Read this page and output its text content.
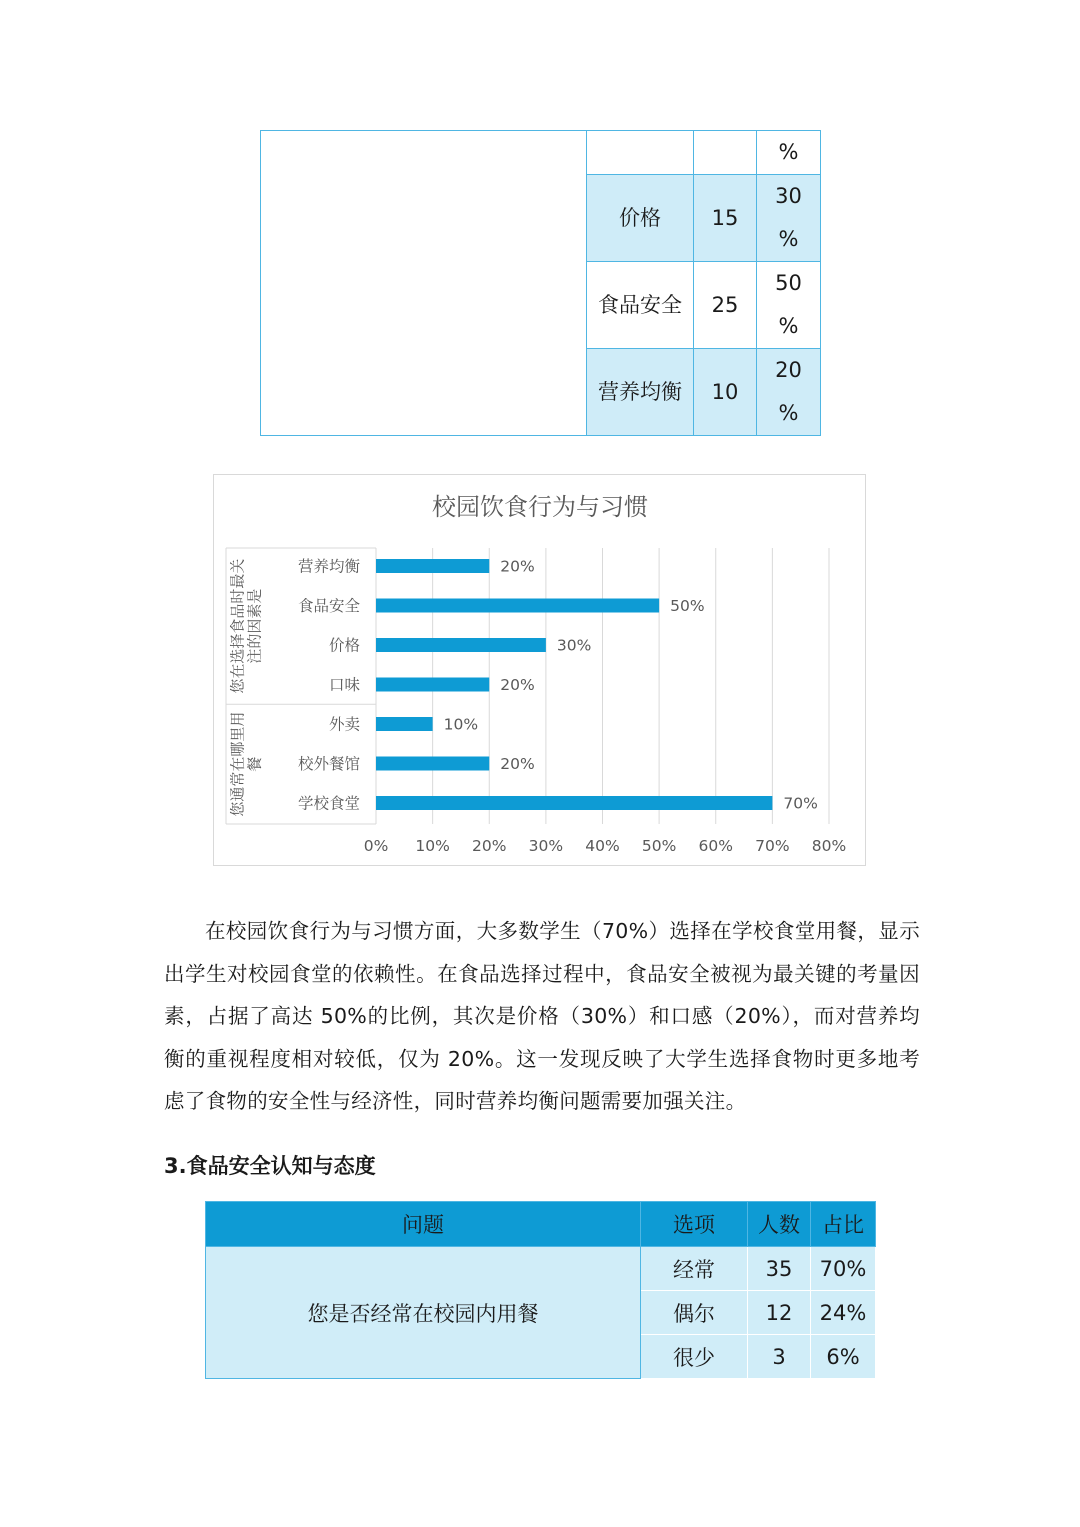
			%
	价格	15	30
%

	食品安全	25	50
%

	营养均衡	10	20
%
校园饮食行为与习惯
0% 10% 20% 30% 40% 50% 60% 70% 80%
您在选择食品时最关注的因素是
您通常在哪里用餐
营养均衡	20%
食品安全	50%
价格	30%
口味	20%
外卖	10%
校外餐馆	20%
学校食堂	70%

在校园饮食行为与习惯方面，大多数学生（70%）选择在学校食堂用餐，显示出学生对校园食堂的依赖性。在食品选择过程中，食品安全被视为最关键的考量因素，占据了高达 50%的比例，其次是价格（30%）和口感（20%），而对营养均衡的重视程度相对较低，仅为 20%。这一发现反映了大学生选择食物时更多地考虑了食物的安全性与经济性，同时营养均衡问题需要加强关注。

3.食品安全认知与态度
问题	选项	人数	占比
您是否经常在校园内用餐	经常	35	70%
	偶尔	12	24%
	很少	3	6%
